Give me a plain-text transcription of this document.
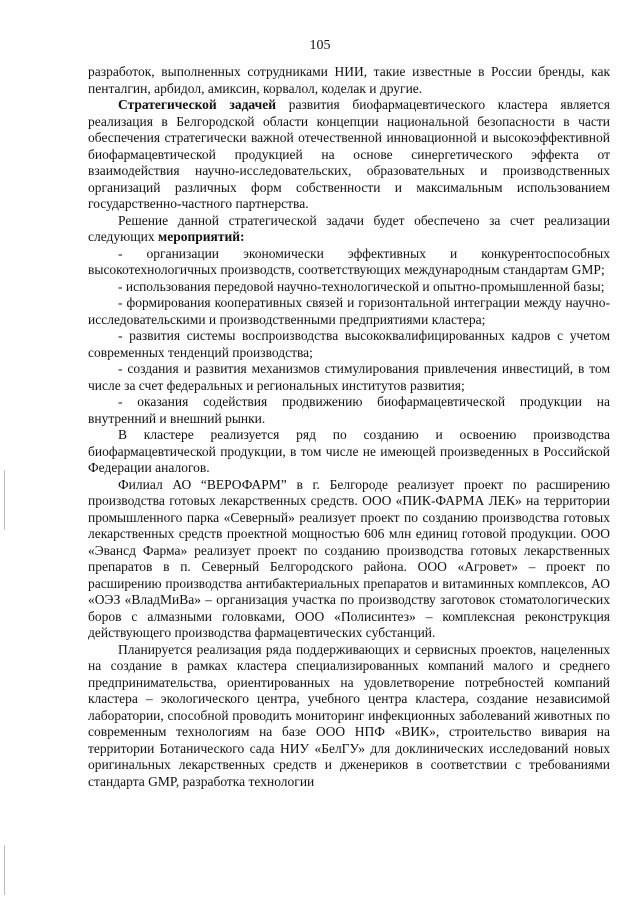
105

разработок, выполненных сотрудниками НИИ, такие известные в России бренды, как пенталгин, арбидол, амиксин, корвалол, коделак и другие.

Стратегической задачей развития биофармацевтического кластера является реализация в Белгородской области концепции национальной безопасности в части обеспечения стратегически важной отечественной инновационной и высокоэффективной биофармацевтической продукцией на основе синергетического эффекта от взаимодействия научно-исследовательских, образовательных и производственных организаций различных форм собственности и максимальным использованием государственно-частного партнерства.

Решение данной стратегической задачи будет обеспечено за счет реализации следующих мероприятий:

- организации экономически эффективных и конкурентоспособных высокотехнологичных производств, соответствующих международным стандартам GMP;

- использования передовой научно-технологической и опытно-промышленной базы;

- формирования кооперативных связей и горизонтальной интеграции между научно-исследовательскими и производственными предприятиями кластера;

- развития системы воспроизводства высококвалифицированных кадров с учетом современных тенденций производства;

- создания и развития механизмов стимулирования привлечения инвестиций, в том числе за счет федеральных и региональных институтов развития;

- оказания содействия продвижению биофармацевтической продукции на внутренний и внешний рынки.

В кластере реализуется ряд по созданию и освоению производства биофармацевтической продукции, в том числе не имеющей произведенных в Российской Федерации аналогов.

Филиал АО “ВЕРОФАРМ” в г. Белгороде реализует проект по расширению производства готовых лекарственных средств. ООО «ПИК-ФАРМА ЛЕК» на территории промышленного парка «Северный» реализует проект по созданию производства готовых лекарственных средств проектной мощностью 606 млн единиц готовой продукции. ООО «Эвансд Фарма» реализует проект по созданию производства готовых лекарственных препаратов в п. Северный Белгородского района. ООО «Агровет» – проект по расширению производства антибактериальных препаратов и витаминных комплексов, АО «ОЭЗ «ВладМиВа» – организация участка по производству заготовок стоматологических боров с алмазными головками, ООО «Полисинтез» – комплексная реконструкция действующего производства фармацевтических субстанций.

Планируется реализация ряда поддерживающих и сервисных проектов, нацеленных на создание в рамках кластера специализированных компаний малого и среднего предпринимательства, ориентированных на удовлетворение потребностей компаний кластера – экологического центра, учебного центра кластера, создание независимой лаборатории, способной проводить мониторинг инфекционных заболеваний животных по современным технологиям на базе ООО НПФ «ВИК», строительство вивария на территории Ботанического сада НИУ «БелГУ» для доклинических исследований новых оригинальных лекарственных средств и дженериков в соответствии с требованиями стандарта GMP, разработка технологии
